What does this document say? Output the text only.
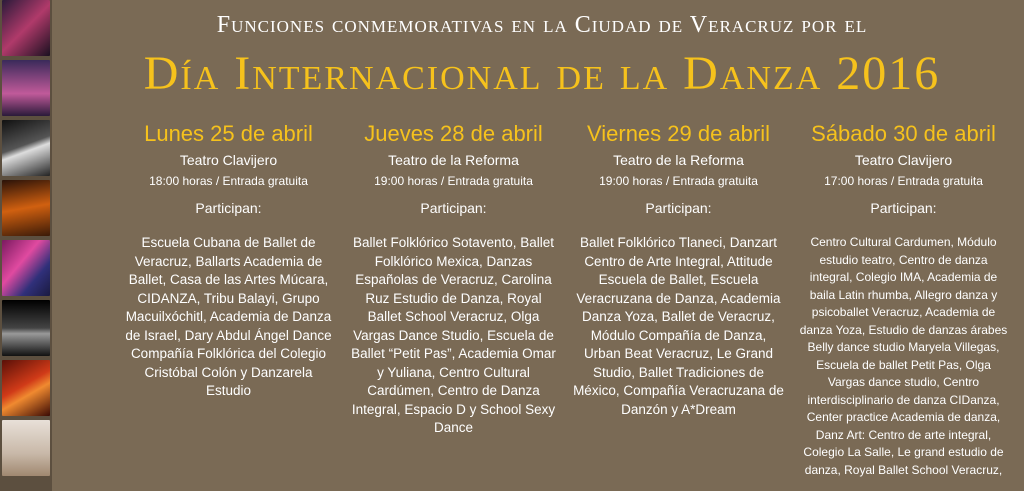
Funciones conmemorativas en la Ciudad de Veracruz por el
Día Internacional de la Danza 2016
Lunes 25 de abril
Teatro Clavijero
18:00 horas / Entrada gratuita
Participan:
Escuela Cubana de Ballet de Veracruz, Ballarts Academia de Ballet, Casa de las Artes Múcara, CIDANZA, Tribu Balayi, Grupo Macuilxóchitl, Academia de Danza de Israel, Dary Abdul Ángel Dance Compañía Folklórica del Colegio Cristóbal Colón y Danzarela Estudio
Jueves 28 de abril
Teatro de la Reforma
19:00 horas / Entrada gratuita
Participan:
Ballet Folklórico Sotavento, Ballet Folklórico Mexica, Danzas Españolas de Veracruz, Carolina Ruz Estudio de Danza, Royal Ballet School Veracruz, Olga Vargas Dance Studio, Escuela de Ballet “Petit Pas”, Academia Omar y Yuliana, Centro Cultural Cardúmen, Centro de Danza Integral, Espacio D y School Sexy Dance
Viernes 29 de abril
Teatro de la Reforma
19:00 horas / Entrada gratuita
Participan:
Ballet Folklórico Tlaneci, Danzart Centro de Arte Integral, Attitude Escuela de Ballet, Escuela Veracruzana de Danza, Academia Danza Yoza, Ballet de Veracruz, Módulo Compañía de Danza, Urban Beat Veracruz, Le Grand Studio, Ballet Tradiciones de México, Compañía Veracruzana de Danzón y A*Dream
Sábado 30 de abril
Teatro Clavijero
17:00 horas / Entrada gratuita
Participan:
Centro Cultural Cardumen, Módulo estudio teatro, Centro de danza integral, Colegio IMA, Academia de baila Latin rhumba, Allegro danza y psicoballet Veracruz, Academia de danza Yoza, Estudio de danzas árabes Belly dance studio Maryela Villegas, Escuela de ballet Petit Pas, Olga Vargas dance studio, Centro interdisciplinario de danza CIDanza, Center practice Academia de danza, Danz Art: Centro de arte integral, Colegio La Salle, Le grand estudio de danza, Royal Ballet School Veracruz,
